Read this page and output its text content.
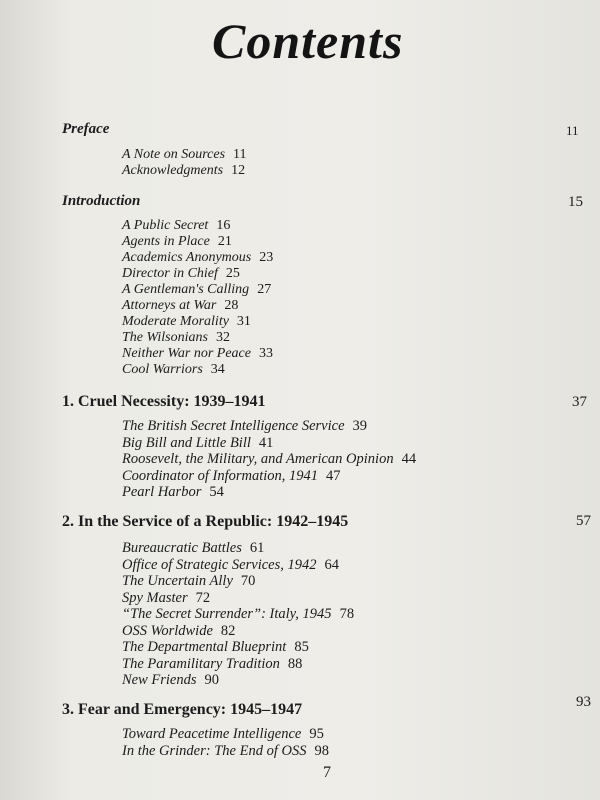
Contents
Preface	11
A Note on Sources 11
Acknowledgments 12
Introduction	15
A Public Secret 16
Agents in Place 21
Academics Anonymous 23
Director in Chief 25
A Gentleman's Calling 27
Attorneys at War 28
Moderate Morality 31
The Wilsonians 32
Neither War nor Peace 33
Cool Warriors 34
1. Cruel Necessity: 1939–1941	37
The British Secret Intelligence Service 39
Big Bill and Little Bill 41
Roosevelt, the Military, and American Opinion 44
Coordinator of Information, 1941 47
Pearl Harbor 54
2. In the Service of a Republic: 1942–1945	57
Bureaucratic Battles 61
Office of Strategic Services, 1942 64
The Uncertain Ally 70
Spy Master 72
“The Secret Surrender”: Italy, 1945 78
OSS Worldwide 82
The Departmental Blueprint 85
The Paramilitary Tradition 88
New Friends 90
3. Fear and Emergency: 1945–1947	93
Toward Peacetime Intelligence 95
In the Grinder: The End of OSS 98
7
